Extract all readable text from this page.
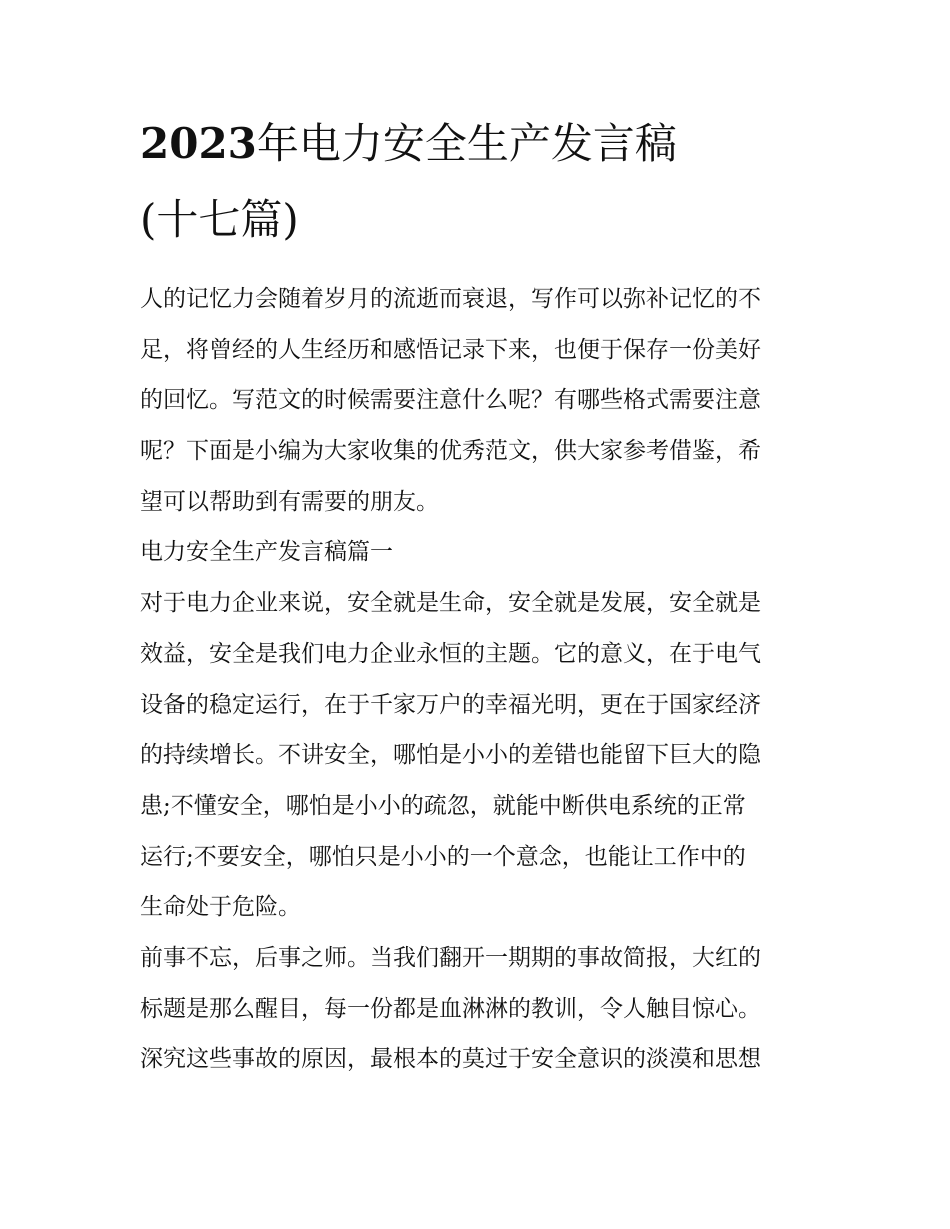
2023年电力安全生产发言稿
(十七篇)

人的记忆力会随着岁月的流逝而衰退，写作可以弥补记忆的不
足，将曾经的人生经历和感悟记录下来，也便于保存一份美好
的回忆。写范文的时候需要注意什么呢？有哪些格式需要注意
呢？下面是小编为大家收集的优秀范文，供大家参考借鉴，希
望可以帮助到有需要的朋友。

电力安全生产发言稿篇一

对于电力企业来说，安全就是生命，安全就是发展，安全就是
效益，安全是我们电力企业永恒的主题。它的意义，在于电气
设备的稳定运行，在于千家万户的幸福光明，更在于国家经济
的持续增长。不讲安全，哪怕是小小的差错也能留下巨大的隐
患;不懂安全，哪怕是小小的疏忽，就能中断供电系统的正常
运行;不要安全，哪怕只是小小的一个意念，也能让工作中的
生命处于危险。

前事不忘，后事之师。当我们翻开一期期的事故简报，大红的
标题是那么醒目，每一份都是血淋淋的教训，令人触目惊心。
深究这些事故的原因，最根本的莫过于安全意识的淡漠和思想
